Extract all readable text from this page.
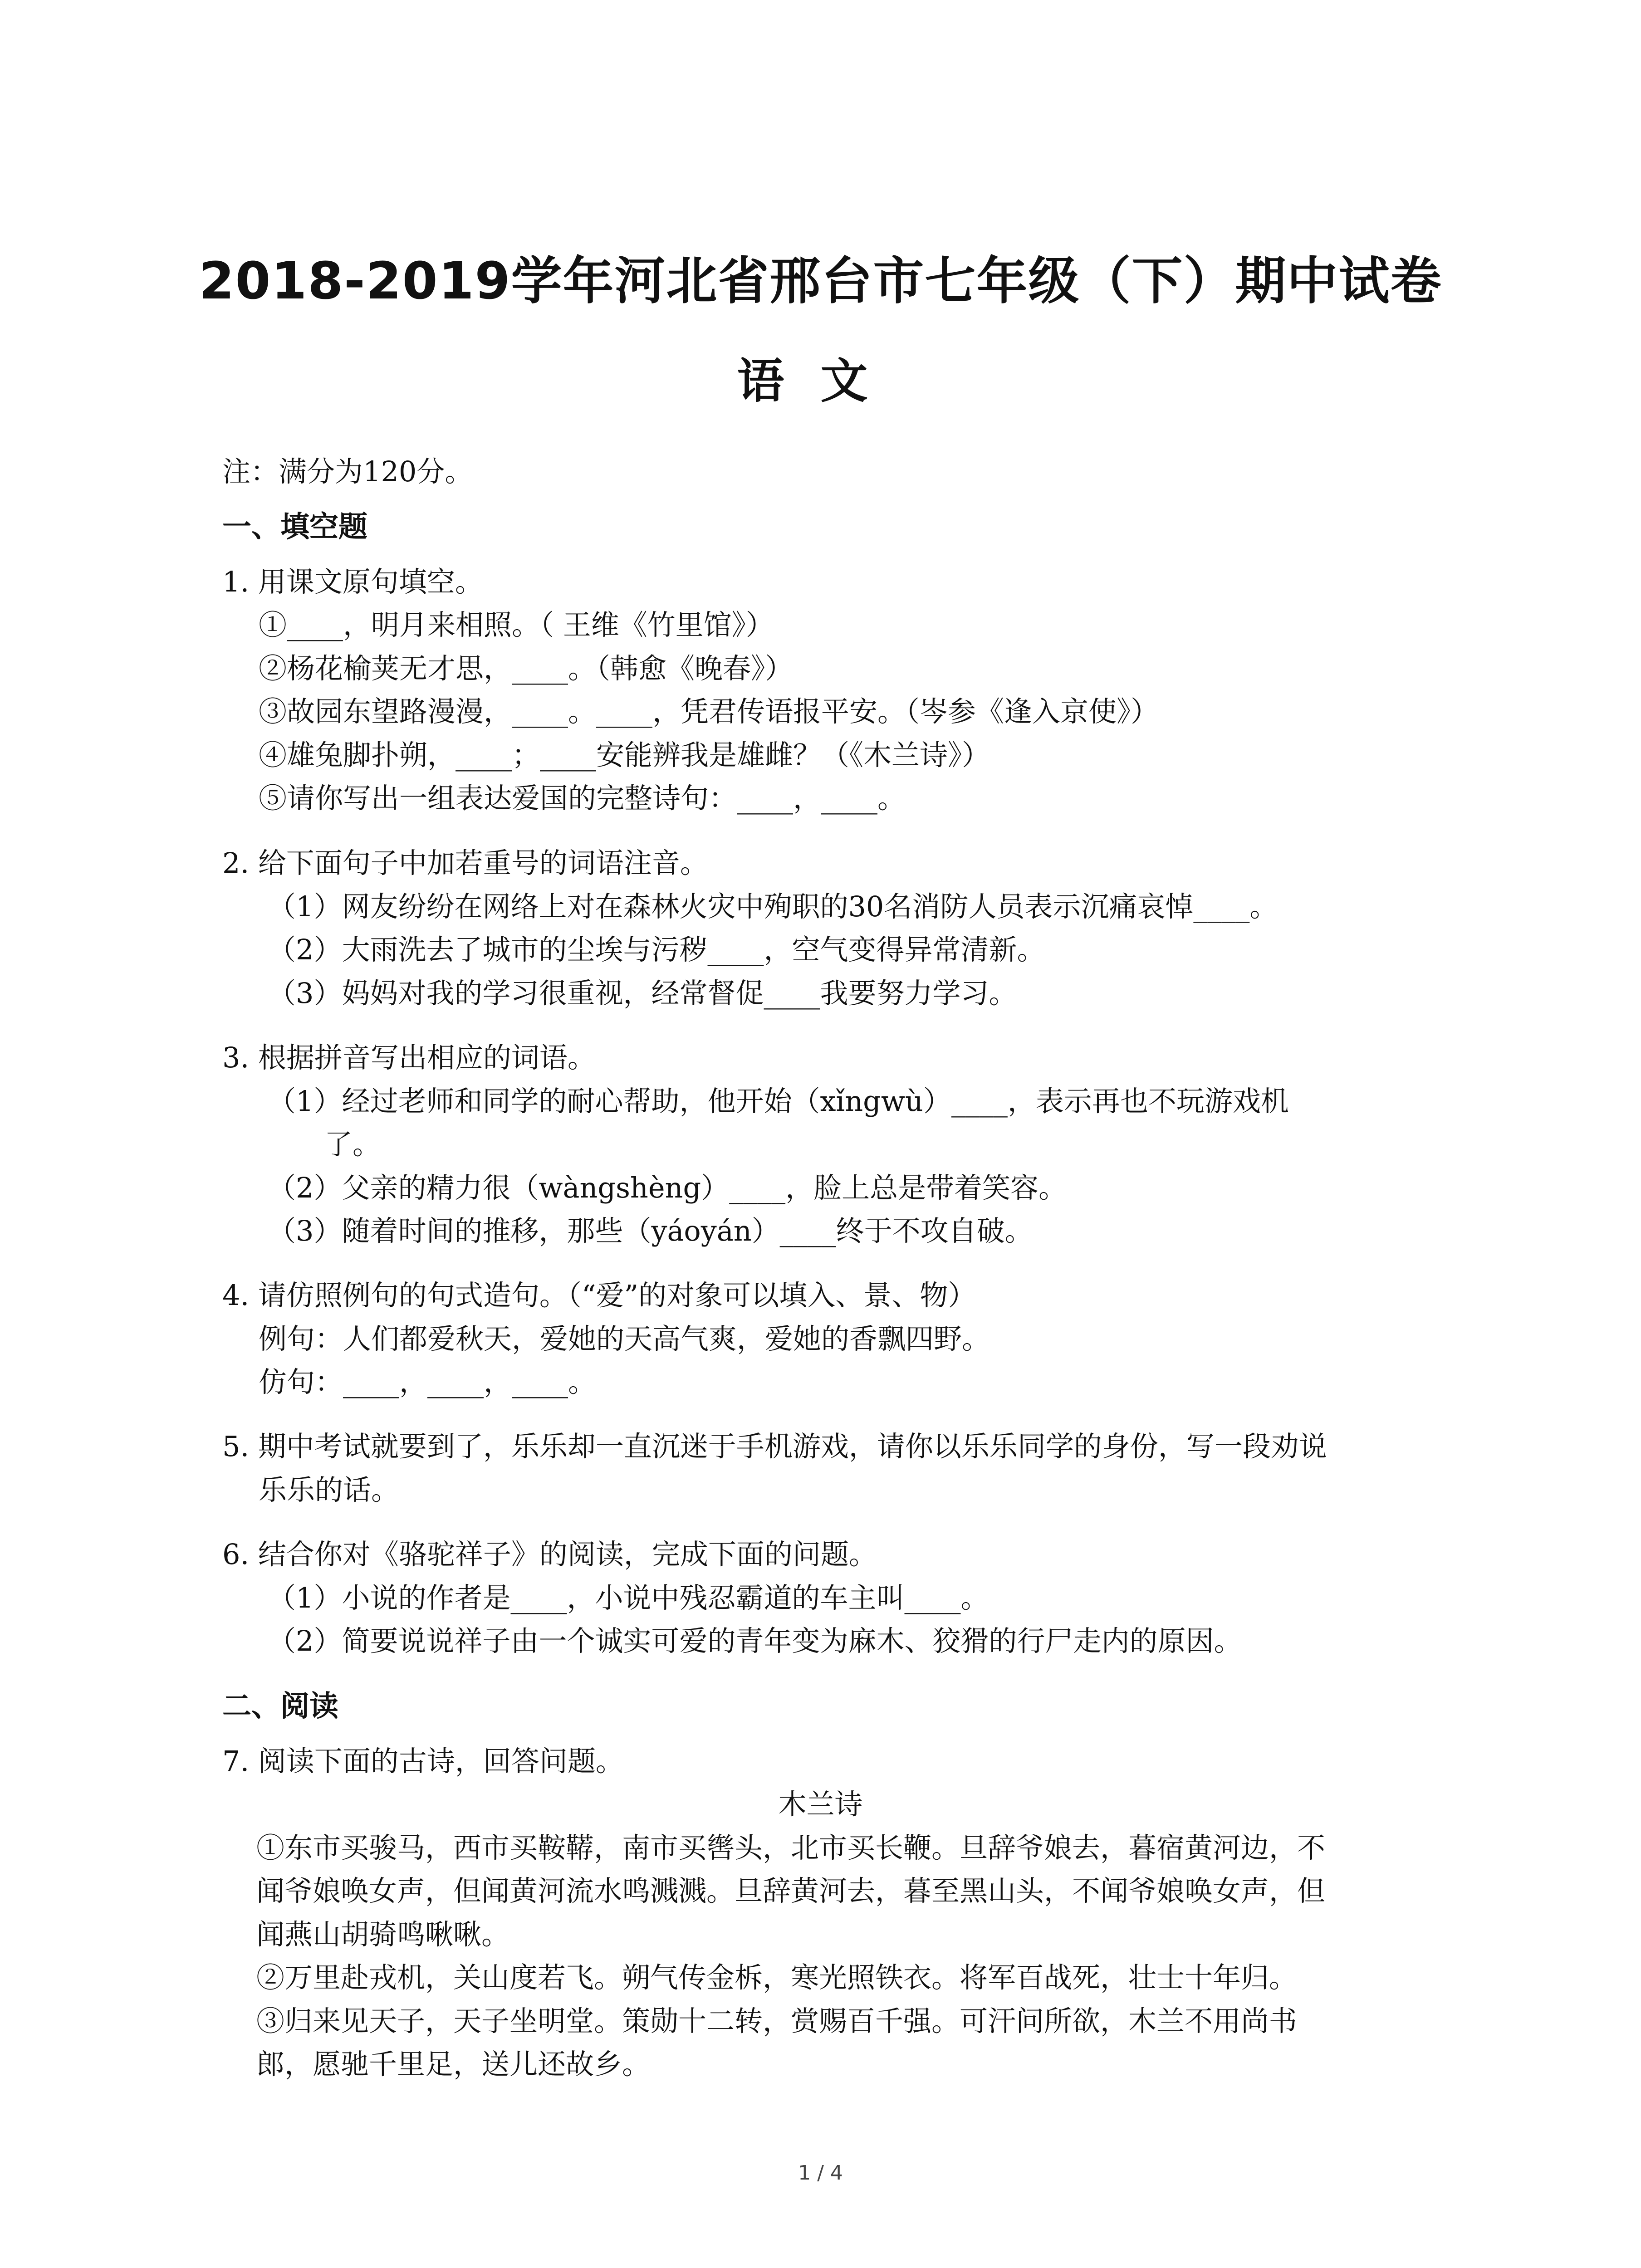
2018-2019学年河北省邢台市七年级（下）期中试卷
语文
注：满分为120分。
一、填空题
1. 用课文原句填空。
①____，明月来相照。（ 王维《竹里馆》）
②杨花榆荚无才思，____。（韩愈《晚春》）
③故园东望路漫漫，____。____，凭君传语报平安。（岑参《逢入京使》）
④雄兔脚扑朔，____；____安能辨我是雄雌？（《木兰诗》）
⑤请你写出一组表达爱国的完整诗句：____，____。
2. 给下面句子中加若重号的词语注音。
（1）网友纷纷在网络上对在森林火灾中殉职的30名消防人员表示沉痛哀悼____。
（2）大雨洗去了城市的尘埃与污秽____，空气变得异常清新。
（3）妈妈对我的学习很重视，经常督促____我要努力学习。
3. 根据拼音写出相应的词语。
（1）经过老师和同学的耐心帮助，他开始（xǐngwù）____，表示再也不玩游戏机
了。
（2）父亲的精力很（wàngshèng）____，脸上总是带着笑容。
（3）随着时间的推移，那些（yáoyán）____终于不攻自破。
4. 请仿照例句的句式造句。（“爱”的对象可以填入、景、物）
例句：人们都爱秋天，爱她的天高气爽，爱她的香飘四野。
仿句：____，____，____。
5. 期中考试就要到了，乐乐却一直沉迷于手机游戏，请你以乐乐同学的身份，写一段劝说
乐乐的话。
6. 结合你对《骆驼祥子》的阅读，完成下面的问题。
（1）小说的作者是____，小说中残忍霸道的车主叫____。
（2）简要说说祥子由一个诚实可爱的青年变为麻木、狡猾的行尸走内的原因。
二、阅读
7. 阅读下面的古诗，回答问题。
木兰诗
①东市买骏马，西市买鞍鞯，南市买辔头，北市买长鞭。旦辞爷娘去，暮宿黄河边，不
闻爷娘唤女声，但闻黄河流水鸣溅溅。旦辞黄河去，暮至黑山头，不闻爷娘唤女声，但
闻燕山胡骑鸣啾啾。
②万里赴戎机，关山度若飞。朔气传金柝，寒光照铁衣。将军百战死，壮士十年归。
③归来见天子，天子坐明堂。策勋十二转，赏赐百千强。可汗问所欲，木兰不用尚书
郎，愿驰千里足，送儿还故乡。
1 / 4
